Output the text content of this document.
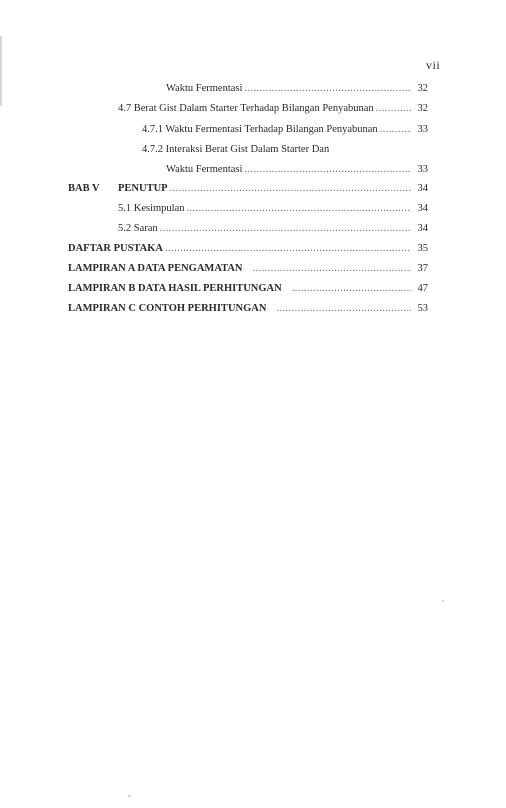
vii
Waktu Fermentasi .....	32
4.7 Berat Gist Dalam Starter Terhadap Bilangan Penyabunan .....	32
4.7.1 Waktu Fermentasi Terhadap Bilangan Penyabunan .....	33
4.7.2 Interaksi Berat Gist Dalam Starter Dan
Waktu Fermentasi .....	33
BAB V PENUTUP .....	34
5.1 Kesimpulan .....	34
5.2 Saran .....	34
DAFTAR PUSTAKA .....	35
LAMPIRAN A DATA PENGAMATAN .....	37
LAMPIRAN B DATA HASIL PERHITUNGAN .....	47
LAMPIRAN C CONTOH PERHITUNGAN .....	53
